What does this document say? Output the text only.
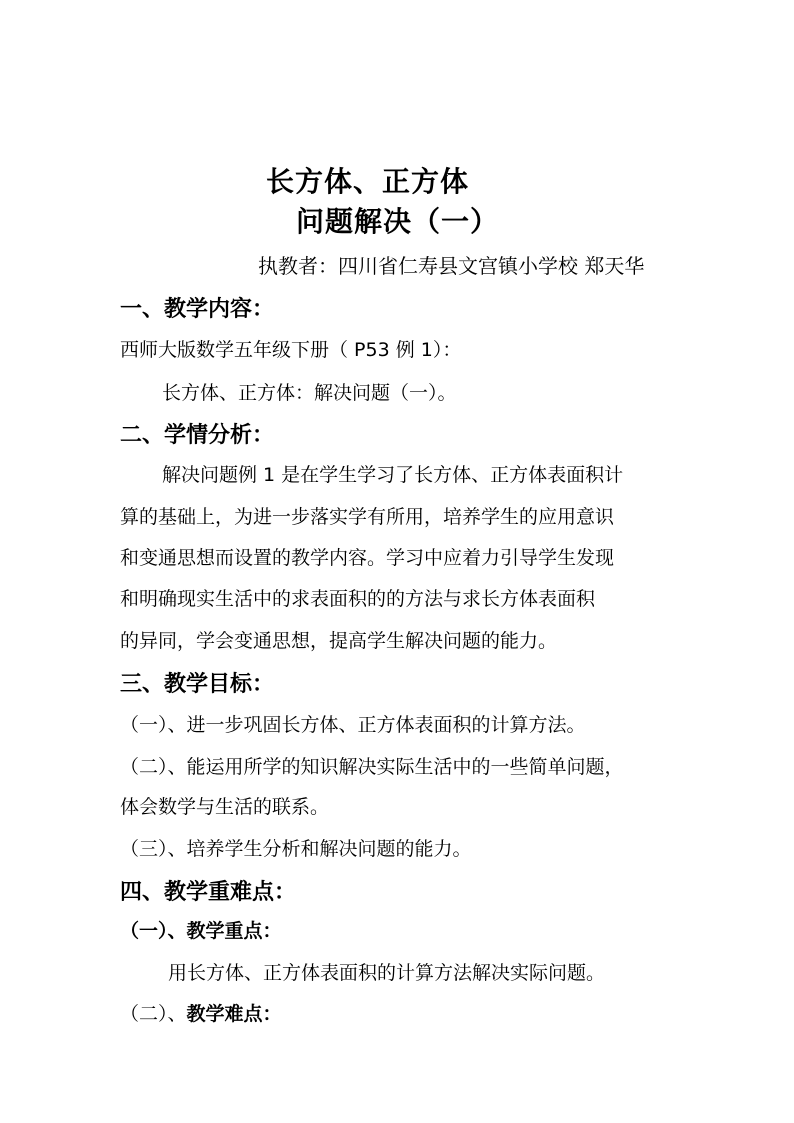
长方体、正方体
问题解决（一）
执教者：四川省仁寿县文宫镇小学校 郑天华
一、教学内容：
西师大版数学五年级下册（ P53 例 1）：
长方体、正方体：解决问题（一）。
二、学情分析：
解决问题例 1 是在学生学习了长方体、正方体表面积计
算的基础上，为进一步落实学有所用，培养学生的应用意识
和变通思想而设置的教学内容。学习中应着力引导学生发现
和明确现实生活中的求表面积的的方法与求长方体表面积
的异同，学会变通思想，提高学生解决问题的能力。
三、教学目标：
（一）、进一步巩固长方体、正方体表面积的计算方法。
（二）、能运用所学的知识解决实际生活中的一些简单问题，
体会数学与生活的联系。
（三）、培养学生分析和解决问题的能力。
四、教学重难点：
（一）、教学重点：
用长方体、正方体表面积的计算方法解决实际问题。
（二）、教学难点：
